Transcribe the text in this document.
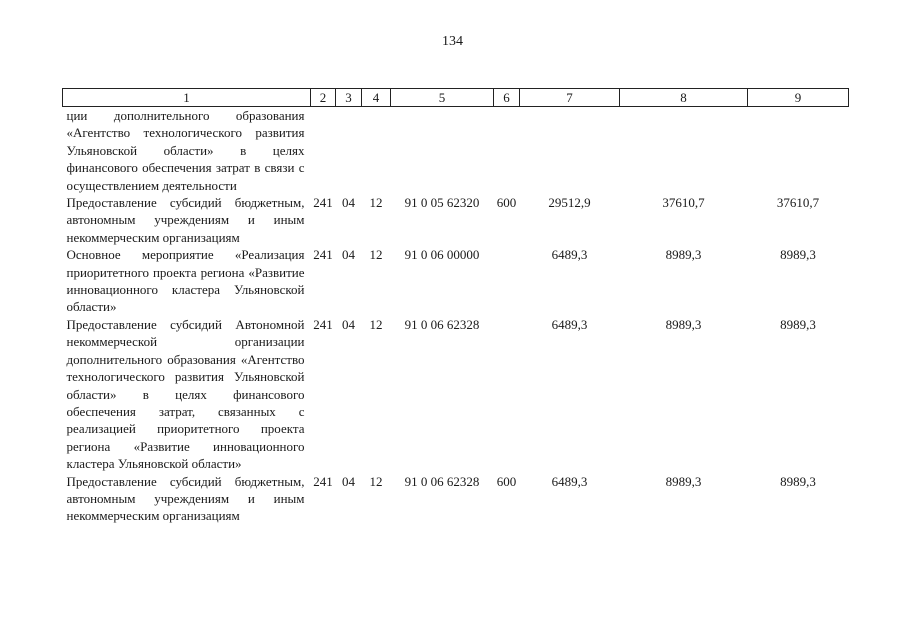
134
1	2	3	4	5	6	7	8	9
ции дополнительного образования «Агентство технологического развития Ульяновской области» в целях финансового обеспечения затрат в связи с осуществлением деятельности								
Предоставление субсидий бюджетным, автономным учреждениям и иным некоммерческим организациям	241	04	12	91 0 05 62320	600	29512,9	37610,7	37610,7
Основное мероприятие «Реализация приоритетного проекта региона «Развитие инновационного кластера Ульяновской области»	241	04	12	91 0 06 00000		6489,3	8989,3	8989,3
Предоставление субсидий Автономной некоммерческой организации дополнительного образования «Агентство технологического развития Ульяновской области» в целях финансового обеспечения затрат, связанных с реализацией приоритетного проекта региона «Развитие инновационного кластера Ульяновской области»	241	04	12	91 0 06 62328		6489,3	8989,3	8989,3
Предоставление субсидий бюджетным, автономным учреждениям и иным некоммерческим организациям	241	04	12	91 0 06 62328	600	6489,3	8989,3	8989,3
